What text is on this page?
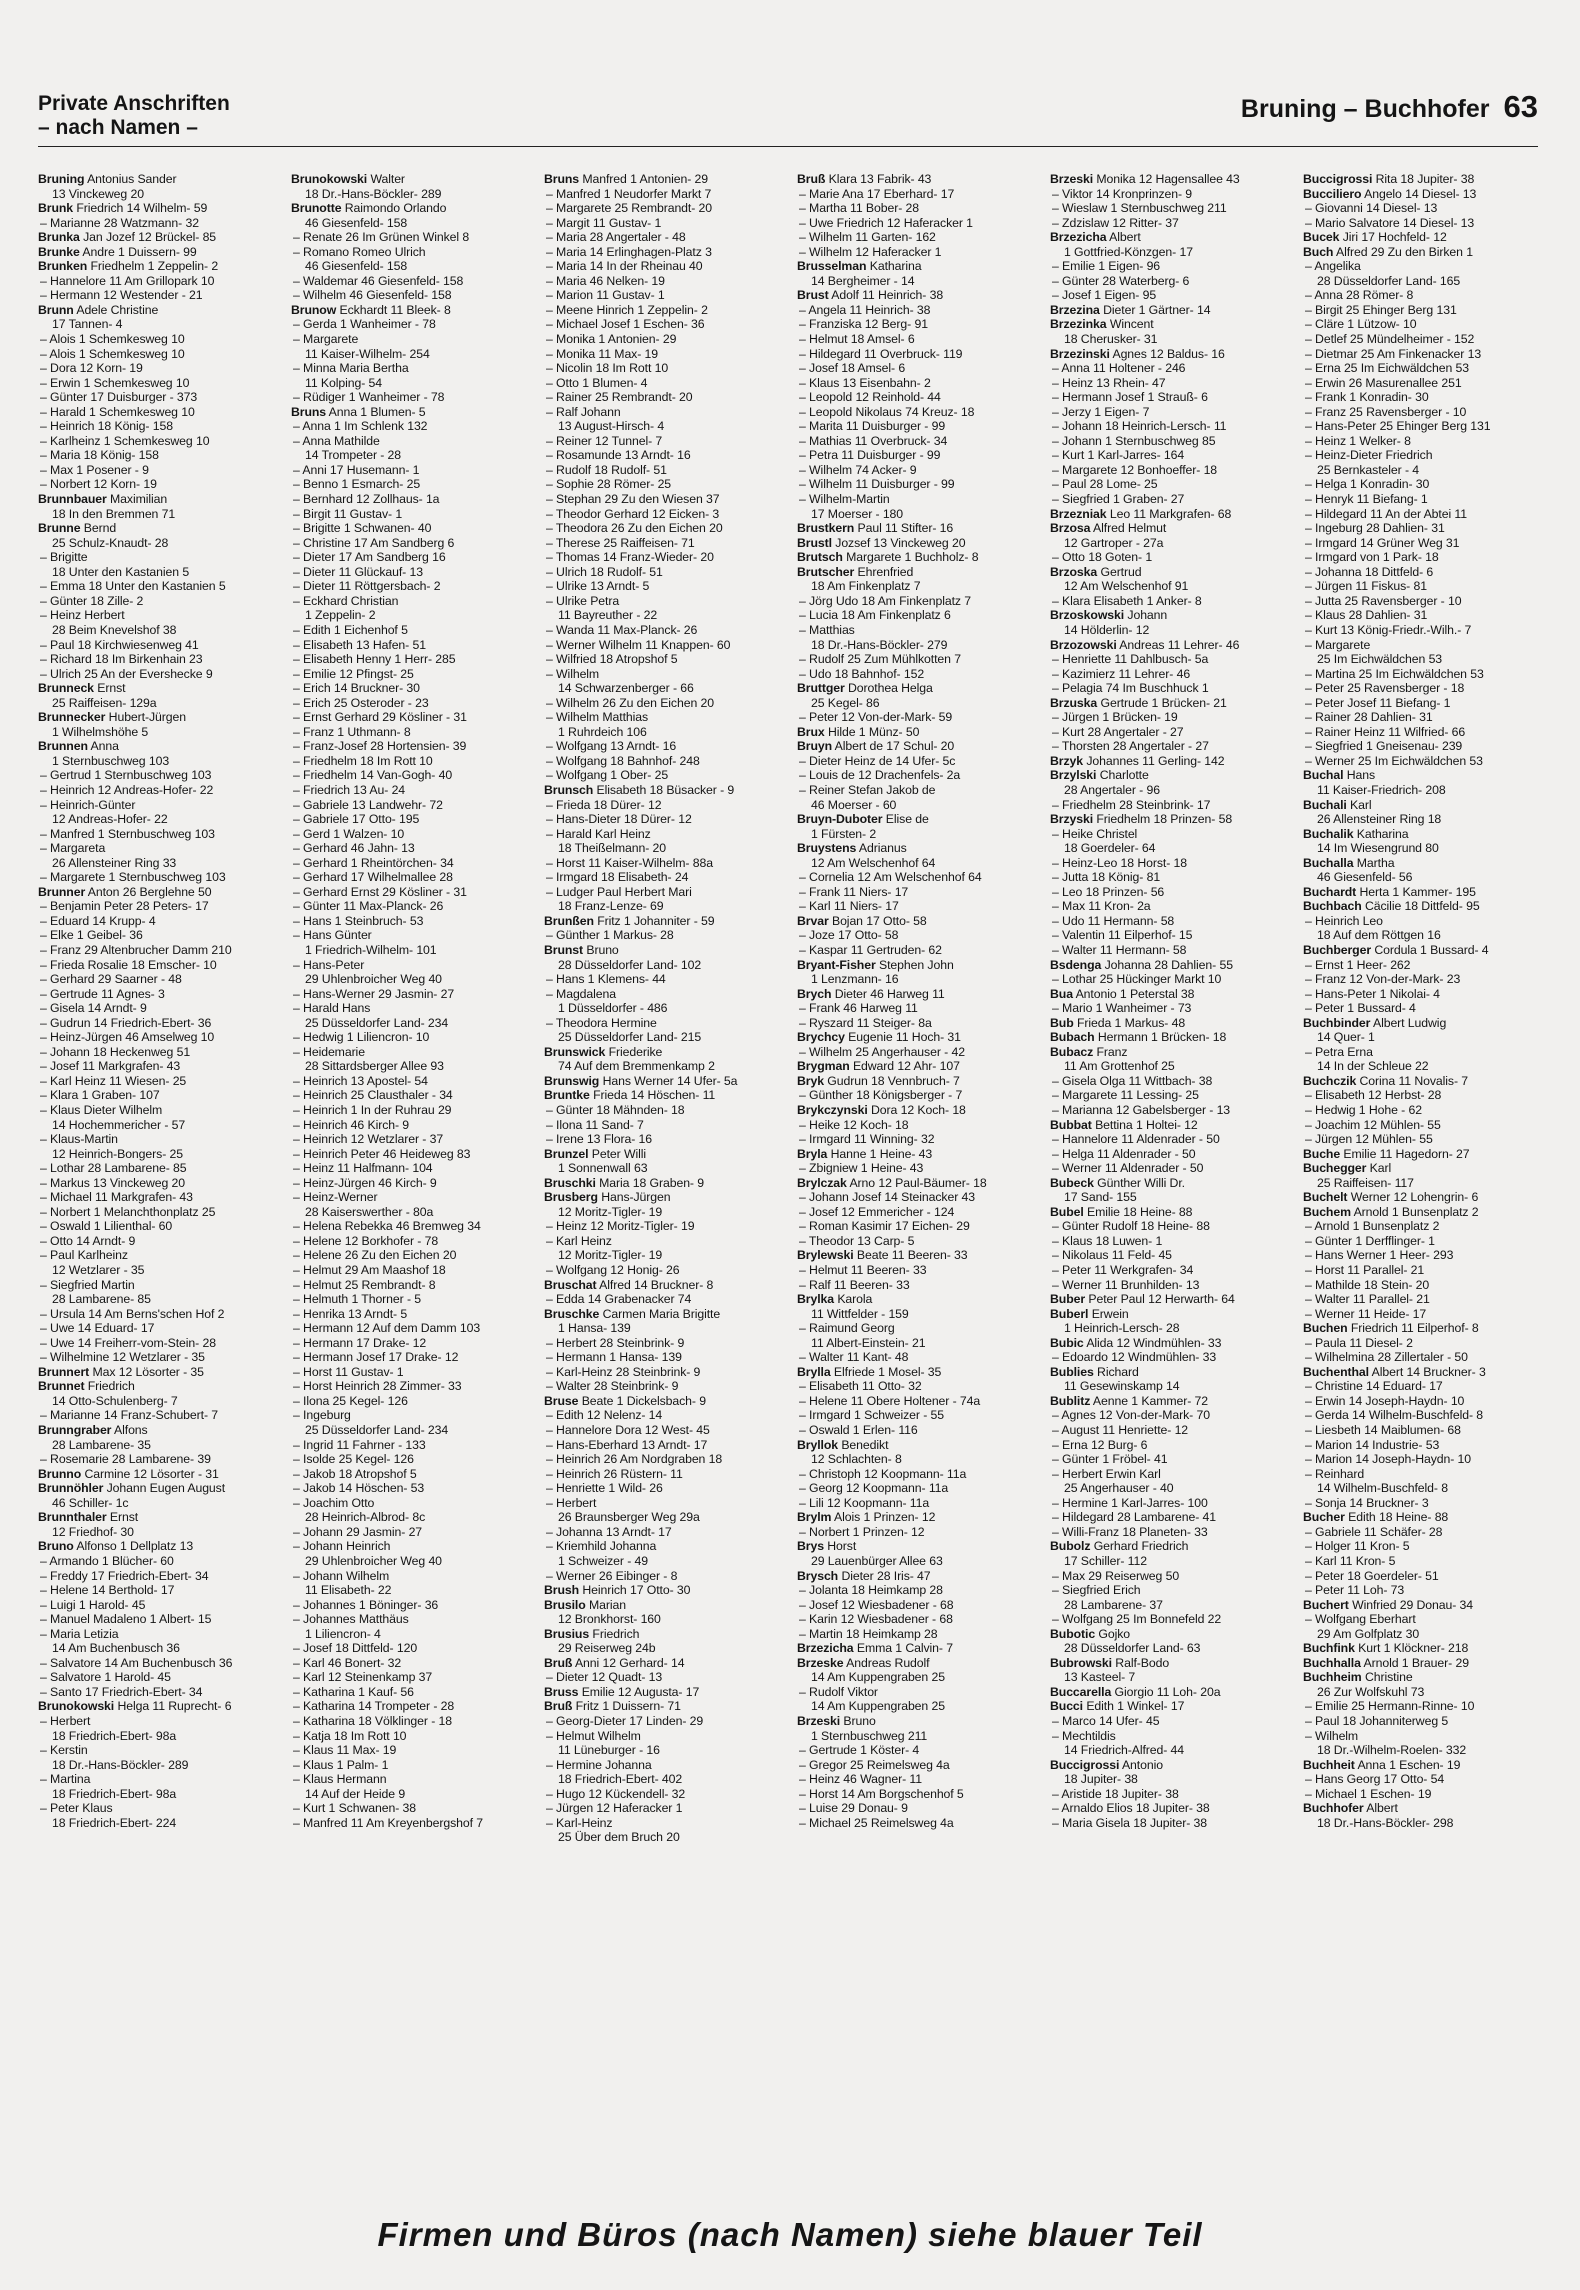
Private Anschriften
– nach Namen –
Bruning – Buchhofer 63
Bruning Antonius Sander
13 Vinckeweg 20
Brunk Friedrich 14 Wilhelm- 59
– Marianne 28 Watzmann- 32
Brunka Jan Jozef 12 Brückel- 85
Brunke Andre 1 Duissern- 99
Brunken Friedhelm 1 Zeppelin- 2
– Hannelore 11 Am Grillopark 10
– Hermann 12 Westender - 21
Brunn Adele Christine
17 Tannen- 4
– Alois 1 Schemkesweg 10
– Alois 1 Schemkesweg 10
– Dora 12 Korn- 19
– Erwin 1 Schemkesweg 10
– Günter 17 Duisburger - 373
– Harald 1 Schemkesweg 10
– Heinrich 18 König- 158
– Karlheinz 1 Schemkesweg 10
– Maria 18 König- 158
– Max 1 Posener - 9
– Norbert 12 Korn- 19
Brunnbauer Maximilian
18 In den Bremmen 71
Brunne Bernd
25 Schulz-Knaudt- 28
– Brigitte
18 Unter den Kastanien 5
– Emma 18 Unter den Kastanien 5
– Günter 18 Zille- 2
– Heinz Herbert
28 Beim Knevelshof 38
– Paul 18 Kirchwiesenweg 41
– Richard 18 Im Birkenhain 23
– Ulrich 25 An der Eversheckе 9
Brunneck Ernst
25 Raiffeisen- 129a
Brunnecker Hubert-Jürgen
1 Wilhelmshöhe 5
Brunnen Anna
1 Sternbuschweg 103
– Gertrud 1 Sternbuschweg 103
– Heinrich 12 Andreas-Hofer- 22
– Heinrich-Günter
12 Andreas-Hofer- 22
– Manfred 1 Sternbuschweg 103
– Margareta
26 Allensteiner Ring 33
– Margarete 1 Sternbuschweg 103
Brunner Anton 26 Berglehne 50
– Benjamin Peter 28 Peters- 17
– Eduard 14 Krupp- 4
– Elke 1 Geibel- 36
– Franz 29 Altenbrucher Damm 210
– Frieda Rosalie 18 Emscher- 10
– Gerhard 29 Saarner - 48
– Gertrude 11 Agnes- 3
– Gisela 14 Arndt- 9
– Gudrun 14 Friedrich-Ebert- 36
– Heinz-Jürgen 46 Amselweg 10
– Johann 18 Heckenweg 51
– Josef 11 Markgrafen- 43
– Karl Heinz 11 Wiesen- 25
– Klara 1 Graben- 107
– Klaus Dieter Wilhelm
14 Hochemmericher - 57
– Klaus-Martin
12 Heinrich-Bongers- 25
– Lothar 28 Lambarene- 85
– Markus 13 Vinckeweg 20
– Michael 11 Markgrafen- 43
– Norbert 1 Melanchthonplatz 25
– Oswald 1 Lilienthal- 60
– Otto 14 Arndt- 9
– Paul Karlheinz
12 Wetzlarer - 35
– Siegfried Martin
28 Lambarene- 85
– Ursula 14 Am Berns'schen Hof 2
– Uwe 14 Eduard- 17
– Uwe 14 Freiherr-vom-Stein- 28
– Wilhelmine 12 Wetzlarer - 35
Brunnert Max 12 Lösorter - 35
Brunnet Friedrich
14 Otto-Schulenberg- 7
– Marianne 14 Franz-Schubert- 7
Brunngraber Alfons
28 Lambarene- 35
– Rosemarie 28 Lambarene- 39
Brunno Carmine 12 Lösorter - 31
Brunnöhler Johann Eugen August
46 Schiller- 1c
Brunnthaler Ernst
12 Friedhof- 30
Bruno Alfonso 1 Dellplatz 13
– Armando 1 Blücher- 60
– Freddy 17 Friedrich-Ebert- 34
– Helene 14 Berthold- 17
– Luigi 1 Harold- 45
– Manuel Madaleno 1 Albert- 15
– Maria Letizia
14 Am Buchenbusch 36
– Salvatore 14 Am Buchenbusch 36
– Salvatore 1 Harold- 45
– Santo 17 Friedrich-Ebert- 34
Brunokowski Helga 11 Ruprecht- 6
– Herbert
18 Friedrich-Ebert- 98a
– Kerstin
18 Dr.-Hans-Böckler- 289
– Martina
18 Friedrich-Ebert- 98a
– Peter Klaus
18 Friedrich-Ebert- 224
Brunokowski Walter
18 Dr.-Hans-Böckler- 289
Brunotte Raimondo Orlando
46 Giesenfeld- 158
– Renate 26 Im Grünen Winkel 8
– Romano Romeo Ulrich
46 Giesenfeld- 158
– Waldemar 46 Giesenfeld- 158
– Wilhelm 46 Giesenfeld- 158
Brunow Eckhardt 11 Bleek- 8
– Gerda 1 Wanheimer - 78
– Margarete
11 Kaiser-Wilhelm- 254
– Minna Maria Bertha
11 Kolping- 54
– Rüdiger 1 Wanheimer - 78
Bruns Anna 1 Blumen- 5
– Anna 1 Im Schlenk 132
– Anna Mathilde
14 Trompeter - 28
– Anni 17 Husemann- 1
– Benno 1 Esmarch- 25
– Bernhard 12 Zollhaus- 1a
– Birgit 11 Gustav- 1
– Brigitte 1 Schwanen- 40
– Christine 17 Am Sandberg 6
– Dieter 17 Am Sandberg 16
– Dieter 11 Glückauf- 13
– Dieter 11 Röttgersbach- 2
– Eckhard Christian
1 Zeppelin- 2
– Edith 1 Eichenhof 5
– Elisabeth 13 Hafen- 51
– Elisabeth Henny 1 Herr- 285
– Emilie 12 Pfingst- 25
– Erich 14 Bruckner- 30
– Erich 25 Osteroder - 23
– Ernst Gerhard 29 Kösliner - 31
– Franz 1 Uthmann- 8
– Franz-Josef 28 Hortensien- 39
– Friedhelm 18 Im Rott 10
– Friedhelm 14 Van-Gogh- 40
– Friedrich 13 Au- 24
– Gabriele 13 Landwehr- 72
– Gabriele 17 Otto- 195
– Gerd 1 Walzen- 10
– Gerhard 46 Jahn- 13
– Gerhard 1 Rheintörchen- 34
– Gerhard 17 Wilhelmallee 28
– Gerhard Ernst 29 Kösliner - 31
– Günter 11 Max-Planck- 26
– Hans 1 Steinbruch- 53
– Hans Günter
1 Friedrich-Wilhelm- 101
– Hans-Peter
29 Uhlenbroicher Weg 40
– Hans-Werner 29 Jasmin- 27
– Harald Hans
25 Düsseldorfer Land- 234
– Hedwig 1 Liliencron- 10
– Heidemarie
28 Sittardsberger Allee 93
– Heinrich 13 Apostel- 54
– Heinrich 25 Clausthaler - 34
– Heinrich 1 In der Ruhrau 29
– Heinrich 46 Kirch- 9
– Heinrich 12 Wetzlarer - 37
– Heinrich Peter 46 Heideweg 83
– Heinz 11 Halfmann- 104
– Heinz-Jürgen 46 Kirch- 9
– Heinz-Werner
28 Kaiserswerther - 80a
– Helena Rebekka 46 Bremweg 34
– Helene 12 Borkhofer - 78
– Helene 26 Zu den Eichen 20
– Helmut 29 Am Maashof 18
– Helmut 25 Rembrandt- 8
– Helmuth 1 Thorner - 5
– Henrika 13 Arndt- 5
– Hermann 12 Auf dem Damm 103
– Hermann 17 Drake- 12
– Hermann Josef 17 Drake- 12
– Horst 11 Gustav- 1
– Horst Heinrich 28 Zimmer- 33
– Ilona 25 Kegel- 126
– Ingeburg
25 Düsseldorfer Land- 234
– Ingrid 11 Fahrner - 133
– Isolde 25 Kegel- 126
– Jakob 18 Atropshof 5
– Jakob 14 Höschen- 53
– Joachim Otto
28 Heinrich-Albrod- 8c
– Johann 29 Jasmin- 27
– Johann Heinrich
29 Uhlenbroicher Weg 40
– Johann Wilhelm
11 Elisabeth- 22
– Johannes 1 Böninger- 36
– Johannes Matthäus
1 Liliencron- 4
– Josef 18 Dittfeld- 120
– Karl 46 Bonert- 32
– Karl 12 Steinenkamp 37
– Katharina 1 Kauf- 56
– Katharina 14 Trompeter - 28
– Katharina 18 Völklinger - 18
– Katja 18 Im Rott 10
– Klaus 11 Max- 19
– Klaus 1 Palm- 1
– Klaus Hermann
14 Auf der Heide 9
– Kurt 1 Schwanen- 38
– Manfred 11 Am Kreyenbergshof 7
Bruns Manfred 1 Antonien- 29
– Manfred 1 Neudorfer Markt 7
– Margarete 25 Rembrandt- 20
– Margit 11 Gustav- 1
– Maria 28 Angertaler - 48
– Maria 14 Erlinghagen-Platz 3
– Maria 14 In der Rheinau 40
– Maria 46 Nelken- 19
– Marion 11 Gustav- 1
– Meene Hinrich 1 Zeppelin- 2
– Michael Josef 1 Eschen- 36
– Monika 1 Antonien- 29
– Monika 11 Max- 19
– Nicolin 18 Im Rott 10
– Otto 1 Blumen- 4
– Rainer 25 Rembrandt- 20
– Ralf Johann
13 August-Hirsch- 4
– Reiner 12 Tunnel- 7
– Rosamunde 13 Arndt- 16
– Rudolf 18 Rudolf- 51
– Sophie 28 Römer- 25
– Stephan 29 Zu den Wiesen 37
– Theodor Gerhard 12 Eicken- 3
– Theodora 26 Zu den Eichen 20
– Therese 25 Raiffeisen- 71
– Thomas 14 Franz-Wieder- 20
– Ulrich 18 Rudolf- 51
– Ulrike 13 Arndt- 5
– Ulrike Petra
11 Bayreuther - 22
– Wanda 11 Max-Planck- 26
– Werner Wilhelm 11 Knappen- 60
– Wilfried 18 Atropshof 5
– Wilhelm
14 Schwarzenberger - 66
– Wilhelm 26 Zu den Eichen 20
– Wilhelm Matthias
1 Ruhrdeich 106
– Wolfgang 13 Arndt- 16
– Wolfgang 18 Bahnhof- 248
– Wolfgang 1 Ober- 25
Brunsch Elisabeth 18 Büsacker - 9
– Frieda 18 Dürer- 12
– Hans-Dieter 18 Dürer- 12
– Harald Karl Heinz
18 Theißelmann- 20
– Horst 11 Kaiser-Wilhelm- 88a
– Irmgard 18 Elisabeth- 24
– Ludger Paul Herbert Mari
18 Franz-Lenze- 69
Brunßen Fritz 1 Johanniter - 59
– Günther 1 Markus- 28
Brunst Bruno
28 Düsseldorfer Land- 102
– Hans 1 Klemens- 44
– Magdalena
1 Düsseldorfer - 486
– Theodora Hermine
25 Düsseldorfer Land- 215
Brunswick Friederike
74 Auf dem Bremmenkamp 2
Brunswig Hans Werner 14 Ufer- 5a
Bruntke Frieda 14 Höschen- 11
– Günter 18 Mähnden- 18
– Ilona 11 Sand- 7
– Irene 13 Flora- 16
Brunzel Peter Willi
1 Sonnenwall 63
Bruschki Maria 18 Graben- 9
Brusberg Hans-Jürgen
12 Moritz-Tigler- 19
– Heinz 12 Moritz-Tigler- 19
– Karl Heinz
12 Moritz-Tigler- 19
– Wolfgang 12 Honig- 26
Bruschat Alfred 14 Bruckner- 8
– Edda 14 Grabenacker 74
Bruschke Carmen Maria Brigitte
1 Hansa- 139
– Herbert 28 Steinbrink- 9
– Hermann 1 Hansa- 139
– Karl-Heinz 28 Steinbrink- 9
– Walter 28 Steinbrink- 9
Bruse Beate 1 Dickelsbach- 9
– Edith 12 Nelenz- 14
– Hannelore Dora 12 West- 45
– Hans-Eberhard 13 Arndt- 17
– Heinrich 26 Am Nordgraben 18
– Heinrich 26 Rüstern- 11
– Henriette 1 Wild- 26
– Herbert
26 Braunsberger Weg 29a
– Johanna 13 Arndt- 17
– Kriemhild Johanna
1 Schweizer - 49
– Werner 26 Eibinger - 8
Brush Heinrich 17 Otto- 30
Brusilo Marian
12 Bronkhorst- 160
Brusius Friedrich
29 Reiserweg 24b
Bruß Anni 12 Gerhard- 14
– Dieter 12 Quadt- 13
Bruss Emilie 12 Augusta- 17
Bruß Fritz 1 Duissern- 71
– Georg-Dieter 17 Linden- 29
– Helmut Wilhelm
11 Lüneburger - 16
– Hermine Johanna
18 Friedrich-Ebert- 402
– Hugo 12 Kückendell- 32
– Jürgen 12 Haferacker 1
– Karl-Heinz
25 Über dem Bruch 20
Bruß Klara 13 Fabrik- 43
– Marie Ana 17 Eberhard- 17
– Martha 11 Bober- 28
– Uwe Friedrich 12 Haferacker 1
– Wilhelm 11 Garten- 162
– Wilhelm 12 Haferacker 1
Brusselman Katharina
14 Bergheimer - 14
Brust Adolf 11 Heinrich- 38
– Angela 11 Heinrich- 38
– Franziska 12 Berg- 91
– Helmut 18 Amsel- 6
– Hildegard 11 Overbruck- 119
– Josef 18 Amsel- 6
– Klaus 13 Eisenbahn- 2
– Leopold 12 Reinhold- 44
– Leopold Nikolaus 74 Kreuz- 18
– Marita 11 Duisburger - 99
– Mathias 11 Overbruck- 34
– Petra 11 Duisburger - 99
– Wilhelm 74 Acker- 9
– Wilhelm 11 Duisburger - 99
– Wilhelm-Martin
17 Moerser - 180
Brustkern Paul 11 Stifter- 16
Brustl Jozsef 13 Vinckeweg 20
Brutsch Margarete 1 Buchholz- 8
Brutscher Ehrenfried
18 Am Finkenplatz 7
– Jörg Udo 18 Am Finkenplatz 7
– Lucia 18 Am Finkenplatz 6
– Matthias
18 Dr.-Hans-Böckler- 279
– Rudolf 25 Zum Mühlkotten 7
– Udo 18 Bahnhof- 152
Bruttger Dorothea Helga
25 Kegel- 86
– Peter 12 Von-der-Mark- 59
Brux Hilde 1 Münz- 50
Bruyn Albert de 17 Schul- 20
– Dieter Heinz de 14 Ufer- 5c
– Louis de 12 Drachenfels- 2a
– Reiner Stefan Jakob de
46 Moerser - 60
Bruyn-Duboter Elise de
1 Fürsten- 2
Bruystens Adrianus
12 Am Welschenhof 64
– Cornelia 12 Am Welschenhof 64
– Frank 11 Niers- 17
– Karl 11 Niers- 17
Brvar Bojan 17 Otto- 58
– Joze 17 Otto- 58
– Kaspar 11 Gertruden- 62
Bryant-Fisher Stephen John
1 Lenzmann- 16
Brych Dieter 46 Harweg 11
– Frank 46 Harweg 11
– Ryszard 11 Steiger- 8a
Brychcy Eugenie 11 Hoch- 31
– Wilhelm 25 Angerhauser - 42
Brygman Edward 12 Ahr- 107
Bryk Gudrun 18 Vennbruch- 7
– Günther 18 Königsberger - 7
Brykczynski Dora 12 Koch- 18
– Heike 12 Koch- 18
– Irmgard 11 Winning- 32
Bryla Hanne 1 Heine- 43
– Zbigniew 1 Heine- 43
Brylczak Arno 12 Paul-Bäumer- 18
– Johann Josef 14 Steinacker 43
– Josef 12 Emmericher - 124
– Roman Kasimir 17 Eichen- 29
– Theodor 13 Carp- 5
Brylewski Beate 11 Beeren- 33
– Helmut 11 Beeren- 33
– Ralf 11 Beeren- 33
Brylka Karola
11 Wittfelder - 159
– Raimund Georg
11 Albert-Einstein- 21
– Walter 11 Kant- 48
Brylla Elfriede 1 Mosel- 35
– Elisabeth 11 Otto- 32
– Helene 11 Obere Holtener - 74a
– Irmgard 1 Schweizer - 55
– Oswald 1 Erlen- 116
Bryllok Benedikt
12 Schlachten- 8
– Christoph 12 Koopmann- 11a
– Georg 12 Koopmann- 11a
– Lili 12 Koopmann- 11a
Brylm Alois 1 Prinzen- 12
– Norbert 1 Prinzen- 12
Brys Horst
29 Lauenbürger Allee 63
Brysch Dieter 28 Iris- 47
– Jolanta 18 Heimkamp 28
– Josef 12 Wiesbadener - 68
– Karin 12 Wiesbadener - 68
– Martin 18 Heimkamp 28
Brzezicha Emma 1 Calvin- 7
Brzeske Andreas Rudolf
14 Am Kuppengraben 25
– Rudolf Viktor
14 Am Kuppengraben 25
Brzeski Bruno
1 Sternbuschweg 211
– Gertrude 1 Köster- 4
– Gregor 25 Reimelsweg 4a
– Heinz 46 Wagner- 11
– Horst 14 Am Borgschenhof 5
– Luise 29 Donau- 9
– Michael 25 Reimelsweg 4a
Brzeski Monika 12 Hagensallee 43
– Viktor 14 Kronprinzen- 9
– Wieslaw 1 Sternbuschweg 211
– Zdzislaw 12 Ritter- 37
Brzezicha Albert
1 Gottfried-Könzgen- 17
– Emilie 1 Eigen- 96
– Günter 28 Waterberg- 6
– Josef 1 Eigen- 95
Brzezina Dieter 1 Gärtner- 14
Brzezinka Wincent
18 Cherusker- 31
Brzezinski Agnes 12 Baldus- 16
– Anna 11 Holtener - 246
– Heinz 13 Rhein- 47
– Hermann Josef 1 Strauß- 6
– Jerzy 1 Eigen- 7
– Johann 18 Heinrich-Lersch- 11
– Johann 1 Sternbuschweg 85
– Kurt 1 Karl-Jarres- 164
– Margarete 12 Bonhoeffer- 18
– Paul 28 Lome- 25
– Siegfried 1 Graben- 27
Brzezniak Leo 11 Markgrafen- 68
Brzosa Alfred Helmut
12 Gartroper - 27a
– Otto 18 Goten- 1
Brzoska Gertrud
12 Am Welschenhof 91
– Klara Elisabeth 1 Anker- 8
Brzoskowski Johann
14 Hölderlin- 12
Brzozowski Andreas 11 Lehrer- 46
– Henriette 11 Dahlbusch- 5a
– Kazimierz 11 Lehrer- 46
– Pelagia 74 Im Buschhuck 1
Brzuska Gertrude 1 Brücken- 21
– Jürgen 1 Brücken- 19
– Kurt 28 Angertaler - 27
– Thorsten 28 Angertaler - 27
Brzyk Johannes 11 Gerling- 142
Brzylski Charlotte
28 Angertaler - 96
– Friedhelm 28 Steinbrink- 17
Brzyski Friedhelm 18 Prinzen- 58
– Heike Christel
18 Goerdeler- 64
– Heinz-Leo 18 Horst- 18
– Jutta 18 König- 81
– Leo 18 Prinzen- 56
– Max 11 Kron- 2a
– Udo 11 Hermann- 58
– Valentin 11 Eilperhof- 15
– Walter 11 Hermann- 58
Bsdenga Johanna 28 Dahlien- 55
– Lothar 25 Hückinger Markt 10
Bua Antonio 1 Peterstal 38
– Mario 1 Wanheimer - 73
Bub Frieda 1 Markus- 48
Bubach Hermann 1 Brücken- 18
Bubacz Franz
11 Am Grottenhof 25
– Gisela Olga 11 Wittbach- 38
– Margarete 11 Lessing- 25
– Marianna 12 Gabelsberger - 13
Bubbat Bettina 1 Holtei- 12
– Hannelore 11 Aldenrader - 50
– Helga 11 Aldenrader - 50
– Werner 11 Aldenrader - 50
Bubeck Günther Willi Dr.
17 Sand- 155
Bubel Emilie 18 Heine- 88
– Günter Rudolf 18 Heine- 88
– Klaus 18 Luwen- 1
– Nikolaus 11 Feld- 45
– Peter 11 Werkgrafen- 34
– Werner 11 Brunhilden- 13
Buber Peter Paul 12 Herwarth- 64
Buberl Erwein
1 Heinrich-Lersch- 28
Bubic Alida 12 Windmühlen- 33
– Edoardo 12 Windmühlen- 33
Bublies Richard
11 Gesewinskamp 14
Bublitz Aenne 1 Kammer- 72
– Agnes 12 Von-der-Mark- 70
– August 11 Henriette- 12
– Erna 12 Burg- 6
– Günter 1 Fröbel- 41
– Herbert Erwin Karl
25 Angerhauser - 40
– Hermine 1 Karl-Jarres- 100
– Hildegard 28 Lambarene- 41
– Willi-Franz 18 Planeten- 33
Bubolz Gerhard Friedrich
17 Schiller- 112
– Max 29 Reiserweg 50
– Siegfried Erich
28 Lambarene- 37
– Wolfgang 25 Im Bonnefeld 22
Bubotic Gojko
28 Düsseldorfer Land- 63
Bubrowski Ralf-Bodo
13 Kasteel- 7
Buccarella Giorgio 11 Loh- 20a
Bucci Edith 1 Winkel- 17
– Marco 14 Ufer- 45
– Mechtildis
14 Friedrich-Alfred- 44
Buccigrossi Antonio
18 Jupiter- 38
– Aristide 18 Jupiter- 38
– Arnaldo Elios 18 Jupiter- 38
– Maria Gisela 18 Jupiter- 38
Buccigrossi Rita 18 Jupiter- 38
Bucciliero Angelo 14 Diesel- 13
– Giovanni 14 Diesel- 13
– Mario Salvatore 14 Diesel- 13
Bucek Jiri 17 Hochfeld- 12
Buch Alfred 29 Zu den Birken 1
– Angelika
28 Düsseldorfer Land- 165
– Anna 28 Römer- 8
– Birgit 25 Ehinger Berg 131
– Cläre 1 Lützow- 10
– Detlef 25 Mündelheimer - 152
– Dietmar 25 Am Finkenacker 13
– Erna 25 Im Eichwäldchen 53
– Erwin 26 Masurenallee 251
– Frank 1 Konradin- 30
– Franz 25 Ravensberger - 10
– Hans-Peter 25 Ehinger Berg 131
– Heinz 1 Welker- 8
– Heinz-Dieter Friedrich
25 Bernkasteler - 4
– Helga 1 Konradin- 30
– Henryk 11 Biefang- 1
– Hildegard 11 An der Abtei 11
– Ingeburg 28 Dahlien- 31
– Irmgard 14 Grüner Weg 31
– Irmgard von 1 Park- 18
– Johanna 18 Dittfeld- 6
– Jürgen 11 Fiskus- 81
– Jutta 25 Ravensberger - 10
– Klaus 28 Dahlien- 31
– Kurt 13 König-Friedr.-Wilh.- 7
– Margarete
25 Im Eichwäldchen 53
– Martina 25 Im Eichwäldchen 53
– Peter 25 Ravensberger - 18
– Peter Josef 11 Biefang- 1
– Rainer 28 Dahlien- 31
– Rainer Heinz 11 Wilfried- 66
– Siegfried 1 Gneisenau- 239
– Werner 25 Im Eichwäldchen 53
Buchal Hans
11 Kaiser-Friedrich- 208
Buchali Karl
26 Allensteiner Ring 18
Buchalik Katharina
14 Im Wiesengrund 80
Buchalla Martha
46 Giesenfeld- 56
Buchardt Herta 1 Kammer- 195
Buchbach Cäcilie 18 Dittfeld- 95
– Heinrich Leo
18 Auf dem Röttgen 16
Buchberger Cordula 1 Bussard- 4
– Ernst 1 Heer- 262
– Franz 12 Von-der-Mark- 23
– Hans-Peter 1 Nikolai- 4
– Peter 1 Bussard- 4
Buchbinder Albert Ludwig
14 Quer- 1
– Petra Erna
14 In der Schleue 22
Buchczik Corina 11 Novalis- 7
– Elisabeth 12 Herbst- 28
– Hedwig 1 Hohe - 62
– Joachim 12 Mühlen- 55
– Jürgen 12 Mühlen- 55
Buche Emilie 11 Hagedorn- 27
Buchegger Karl
25 Raiffeisen- 117
Buchelt Werner 12 Lohengrin- 6
Buchem Arnold 1 Bunsenplatz 2
– Arnold 1 Bunsenplatz 2
– Günter 1 Derfflinger- 1
– Hans Werner 1 Heer- 293
– Horst 11 Parallel- 21
– Mathilde 18 Stein- 20
– Walter 11 Parallel- 21
– Werner 11 Heide- 17
Buchen Friedrich 11 Eilperhof- 8
– Paula 11 Diesel- 2
– Wilhelmina 28 Zillertaler - 50
Buchenthal Albert 14 Bruckner- 3
– Christine 14 Eduard- 17
– Erwin 14 Joseph-Haydn- 10
– Gerda 14 Wilhelm-Buschfeld- 8
– Liesbeth 14 Maiblumen- 68
– Marion 14 Industrie- 53
– Marion 14 Joseph-Haydn- 10
– Reinhard
14 Wilhelm-Buschfeld- 8
– Sonja 14 Bruckner- 3
Bucher Edith 18 Heine- 88
– Gabriele 11 Schäfer- 28
– Holger 11 Kron- 5
– Karl 11 Kron- 5
– Peter 18 Goerdeler- 51
– Peter 11 Loh- 73
Buchert Winfried 29 Donau- 34
– Wolfgang Eberhart
29 Am Golfplatz 30
Buchfink Kurt 1 Klöckner- 218
Buchhalla Arnold 1 Brauer- 29
Buchheim Christine
26 Zur Wolfskuhl 73
– Emilie 25 Hermann-Rinne- 10
– Paul 18 Johanniterweg 5
– Wilhelm
18 Dr.-Wilhelm-Roelen- 332
Buchheit Anna 1 Eschen- 19
– Hans Georg 17 Otto- 54
– Michael 1 Eschen- 19
Buchhofer Albert
18 Dr.-Hans-Böckler- 298
Firmen und Büros (nach Namen) siehe blauer Teil
